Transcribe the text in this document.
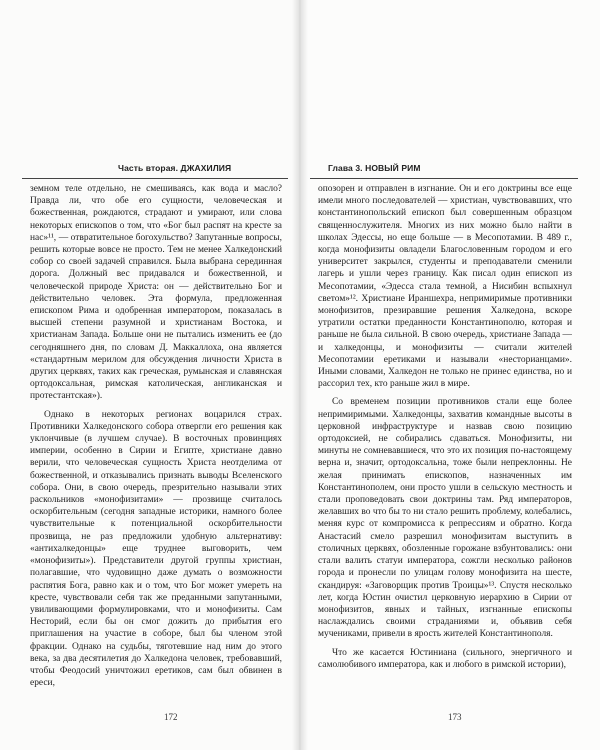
Часть вторая. ДЖАХИЛИЯ

земном теле отдельно, не смешиваясь, как вода и масло? Правда ли, что обе его сущности, человеческая и божественная, рождаются, страдают и умирают, или слова некоторых епископов о том, что «Бог был распят на кресте за нас»¹¹, — отвратительное богохульство? Запутанные вопросы, решить которые вовсе не просто. Тем не менее Халкедонский собор со своей задачей справился. Была выбрана серединная дорога. Должный вес придавался и божественной, и человеческой природе Христа: он — действительно Бог и действительно человек. Эта формула, предложенная епископом Рима и одобренная императором, показалась в высшей степени разумной и христианам Востока, и христианам Запада. Больше они не пытались изменить ее (до сегодняшнего дня, по словам Д. Маккаллоха, она является «стандартным мерилом для обсуждения личности Христа в других церквях, таких как греческая, румынская и славянская ортодоксальная, римская католическая, англиканская и протестантская»).

Однако в некоторых регионах воцарился страх. Противники Халкедонского собора отвергли его решения как уклончивые (в лучшем случае). В восточных провинциях империи, особенно в Сирии и Египте, христиане давно верили, что человеческая сущность Христа неотделима от божественной, и отказывались признать выводы Вселенского собора. Они, в свою очередь, презрительно называли этих раскольников «монофизитами» — прозвище считалось оскорбительным (сегодня западные историки, намного более чувствительные к потенциальной оскорбительности прозвища, не раз предложили удобную альтернативу: «антихалкедонцы» еще труднее выговорить, чем «монофизиты»). Представители другой группы христиан, полагавшие, что чудовищно даже думать о возможности распятия Бога, равно как и о том, что Бог может умереть на кресте, чувствовали себя так же преданными запутанными, увиливающими формулировками, что и монофизиты. Сам Несторий, если бы он смог дожить до прибытия его приглашения на участие в соборе, был бы членом этой фракции. Однако на судьбы, тяготевшие над ним до этого века, за два десятилетия до Халкедона человек, требовавший, чтобы Феодосий уничтожил еретиков, сам был обвинен в ереси,

172
Глава 3. НОВЫЙ РИМ

опозорен и отправлен в изгнание. Он и его доктрины все еще имели много последователей — христиан, чувствовавших, что константинопольский епископ был совершенным образцом священнослужителя. Многих из них можно было найти в школах Эдессы, но еще больше — в Месопотамии. В 489 г., когда монофизиты овладели Благословенным городом и его университет закрылся, студенты и преподаватели сменили лагерь и ушли через границу. Как писал один епископ из Месопотамии, «Эдесса стала темной, а Нисибин вспыхнул светом»¹². Христиане Ираншехра, непримиримые противники монофизитов, презиравшие решения Халкедона, вскоре утратили остатки преданности Константинополю, которая и раньше не была сильной. В свою очередь, христиане Запада — и халкедонцы, и монофизиты — считали жителей Месопотамии еретиками и называли «несторианцами». Иными словами, Халкедон не только не принес единства, но и рассорил тех, кто раньше жил в мире.

Со временем позиции противников стали еще более непримиримыми. Халкедонцы, захватив командные высоты в церковной инфраструктуре и назвав свою позицию ортодоксией, не собирались сдаваться. Монофизиты, ни минуты не сомневавшиеся, что это их позиция по-настоящему верна и, значит, ортодоксальна, тоже были непреклонны. Не желая принимать епископов, назначенных им Константинополем, они просто ушли в сельскую местность и стали проповедовать свои доктрины там. Ряд императоров, желавших во что бы то ни стало решить проблему, колебались, меняя курс от компромисса к репрессиям и обратно. Когда Анастасий смело разрешил монофизитам выступить в столичных церквях, обозленные горожане взбунтовались: они стали валить статуи императора, сожгли несколько районов города и пронесли по улицам голову монофизита на шесте, скандируя: «Заговорщик против Троицы»¹³. Спустя несколько лет, когда Юстин очистил церковную иерархию в Сирии от монофизитов, явных и тайных, изгнанные епископы наслаждались своими страданиями и, объявив себя мучениками, привели в ярость жителей Константинополя.

Что же касается Юстиниана (сильного, энергичного и самолюбивого императора, как и любого в римской истории),

173
